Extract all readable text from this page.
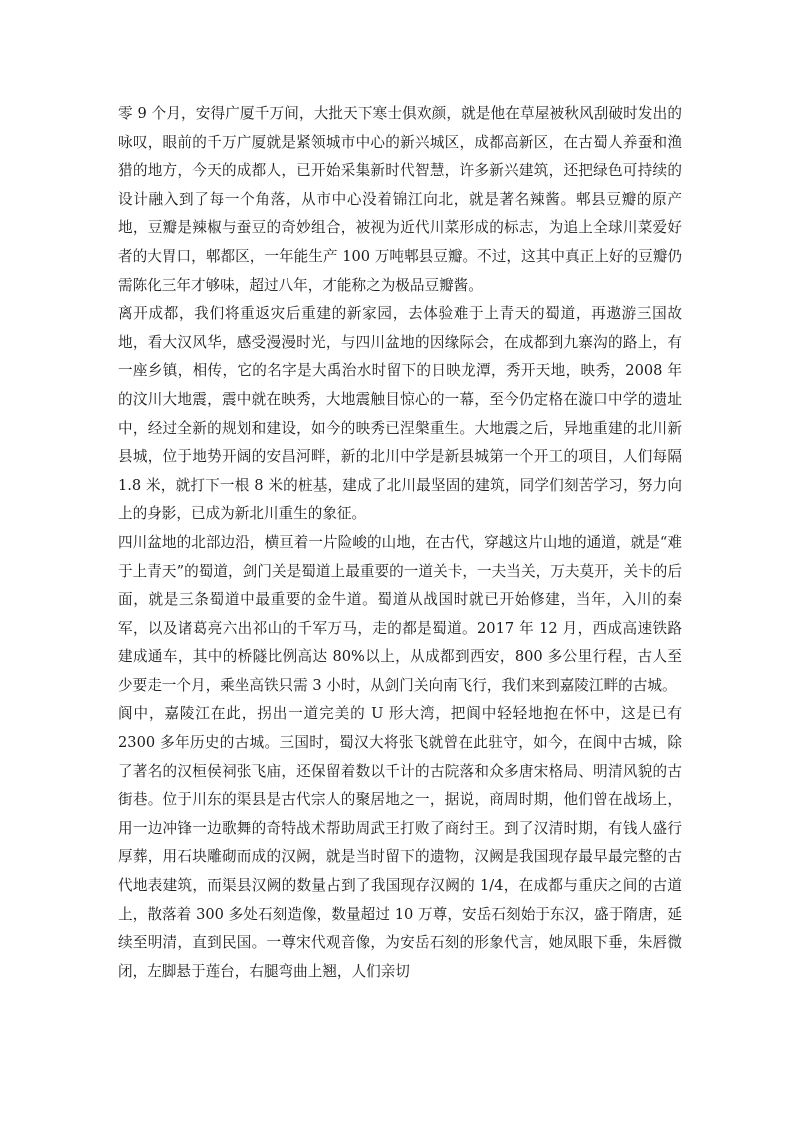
零 9 个月，安得广厦千万间，大批天下寒士俱欢颜，就是他在草屋被秋风刮破时发出的咏叹，眼前的千万广厦就是紧领城市中心的新兴城区，成都高新区，在古蜀人养蚕和渔猎的地方，今天的成都人，已开始采集新时代智慧，许多新兴建筑，还把绿色可持续的设计融入到了每一个角落，从市中心没着锦江向北，就是著名辣酱。郫县豆瓣的原产地，豆瓣是辣椒与蚕豆的奇妙组合，被视为近代川菜形成的标志，为追上全球川菜爱好者的大胃口，郫都区，一年能生产 100 万吨郫县豆瓣。不过，这其中真正上好的豆瓣仍需陈化三年才够味，超过八年，才能称之为极品豆瓣酱。

离开成都，我们将重返灾后重建的新家园，去体验难于上青天的蜀道，再遨游三国故地，看大汉风华，感受漫漫时光，与四川盆地的因缘际会，在成都到九寨沟的路上，有一座乡镇，相传，它的名字是大禹治水时留下的日映龙潭，秀开天地，映秀，2008 年的汶川大地震，震中就在映秀，大地震触目惊心的一幕，至今仍定格在漩口中学的遗址中，经过全新的规划和建设，如今的映秀已涅槃重生。大地震之后，异地重建的北川新县城，位于地势开阔的安昌河畔，新的北川中学是新县城第一个开工的项目，人们每隔 1.8 米，就打下一根 8 米的桩基，建成了北川最坚固的建筑，同学们刻苦学习，努力向上的身影，已成为新北川重生的象征。

四川盆地的北部边沿，横亘着一片险峻的山地，在古代，穿越这片山地的通道，就是“难于上青天”的蜀道，剑门关是蜀道上最重要的一道关卡，一夫当关，万夫莫开，关卡的后面，就是三条蜀道中最重要的金牛道。蜀道从战国时就已开始修建，当年，入川的秦军，以及诸葛亮六出祁山的千军万马，走的都是蜀道。2017 年 12 月，西成高速铁路建成通车，其中的桥隧比例高达 80%以上，从成都到西安，800 多公里行程，古人至少要走一个月，乘坐高铁只需 3 小时，从剑门关向南飞行，我们来到嘉陵江畔的古城。

阆中，嘉陵江在此，拐出一道完美的 U 形大湾，把阆中轻轻地抱在怀中，这是已有 2300 多年历史的古城。三国时，蜀汉大将张飞就曾在此驻守，如今，在阆中古城，除了著名的汉桓侯祠张飞庙，还保留着数以千计的古院落和众多唐宋格局、明清风貌的古街巷。位于川东的渠县是古代宗人的聚居地之一，据说，商周时期，他们曾在战场上，用一边冲锋一边歌舞的奇特战术帮助周武王打败了商纣王。到了汉清时期，有钱人盛行厚葬，用石块雕砌而成的汉阙，就是当时留下的遗物，汉阙是我国现存最早最完整的古代地表建筑，而渠县汉阙的数量占到了我国现存汉阙的 1/4，在成都与重庆之间的古道上，散落着 300 多处石刻造像，数量超过 10 万尊，安岳石刻始于东汉，盛于隋唐，延续至明清，直到民国。一尊宋代观音像，为安岳石刻的形象代言，她凤眼下垂，朱唇微闭，左脚悬于莲台，右腿弯曲上翘，人们亲切
